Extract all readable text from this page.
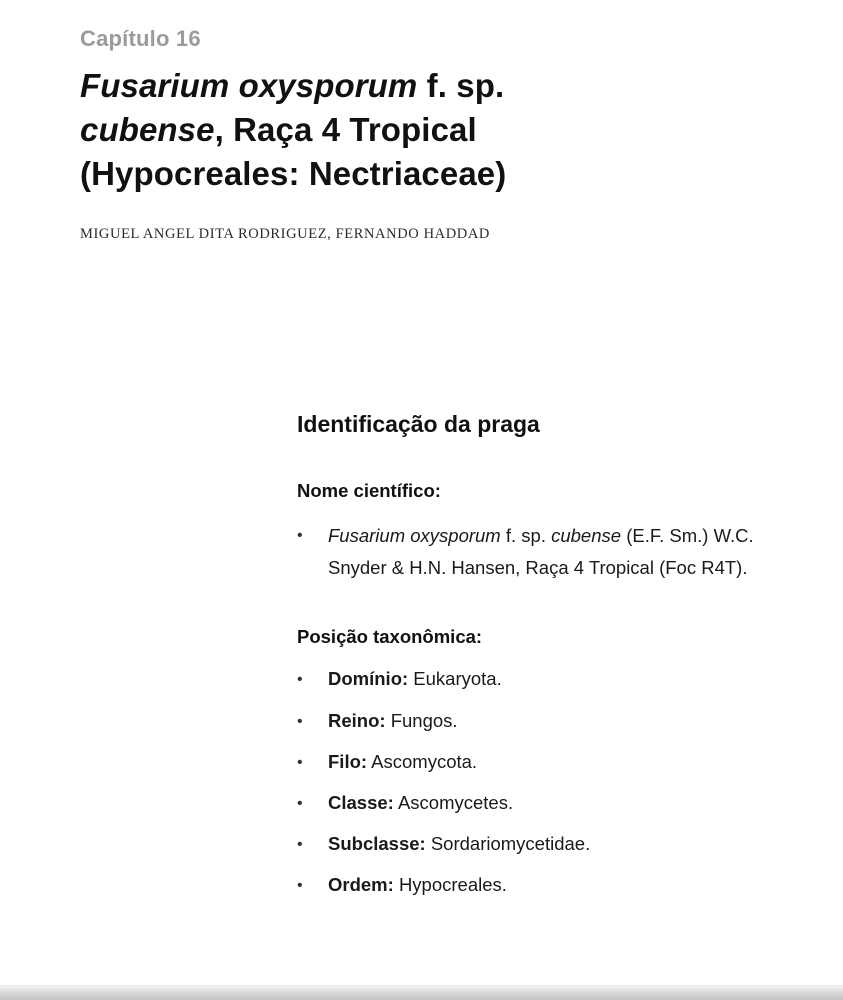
Capítulo 16
Fusarium oxysporum f. sp. cubense, Raça 4 Tropical (Hypocreales: Nectriaceae)
MIGUEL ANGEL DITA RODRIGUEZ, FERNANDO HADDAD
Identificação da praga
Nome científico:
•	Fusarium oxysporum f. sp. cubense (E.F. Sm.) W.C. Snyder & H.N. Hansen, Raça 4 Tropical (Foc R4T).
Posição taxonômica:
•	Domínio: Eukaryota.
•	Reino: Fungos.
•	Filo: Ascomycota.
•	Classe: Ascomycetes.
•	Subclasse: Sordariomycetidae.
•	Ordem: Hypocreales.
